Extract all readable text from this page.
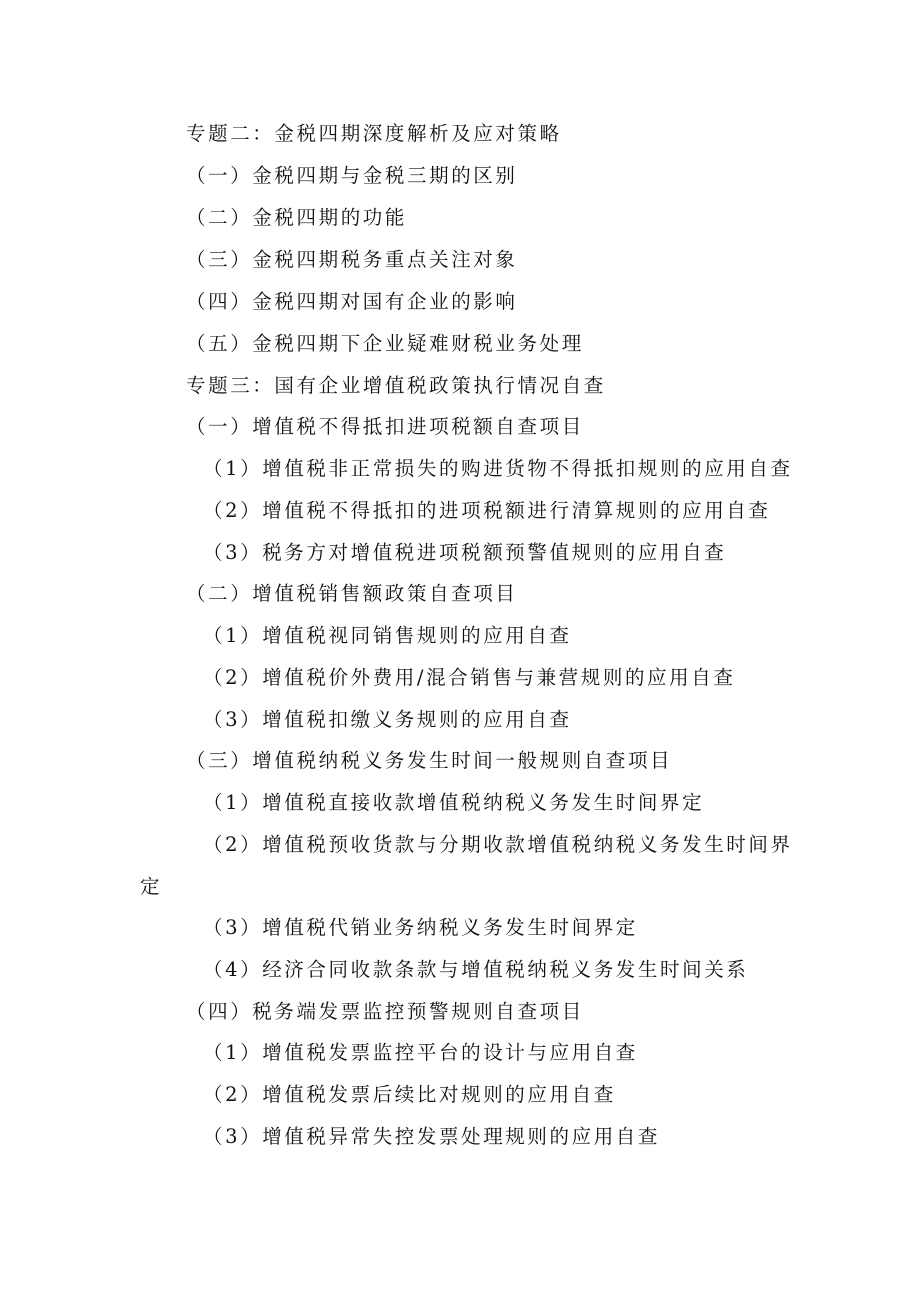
专题二：金税四期深度解析及应对策略
（一）金税四期与金税三期的区别
（二）金税四期的功能
（三）金税四期税务重点关注对象
（四）金税四期对国有企业的影响
（五）金税四期下企业疑难财税业务处理
专题三：国有企业增值税政策执行情况自查
（一）增值税不得抵扣进项税额自查项目
（1）增值税非正常损失的购进货物不得抵扣规则的应用自查
（2）增值税不得抵扣的进项税额进行清算规则的应用自查
（3）税务方对增值税进项税额预警值规则的应用自查
（二）增值税销售额政策自查项目
（1）增值税视同销售规则的应用自查
（2）增值税价外费用/混合销售与兼营规则的应用自查
（3）增值税扣缴义务规则的应用自查
（三）增值税纳税义务发生时间一般规则自查项目
（1）增值税直接收款增值税纳税义务发生时间界定
（2）增值税预收货款与分期收款增值税纳税义务发生时间界
定
（3）增值税代销业务纳税义务发生时间界定
（4）经济合同收款条款与增值税纳税义务发生时间关系
（四）税务端发票监控预警规则自查项目
（1）增值税发票监控平台的设计与应用自查
（2）增值税发票后续比对规则的应用自查
（3）增值税异常失控发票处理规则的应用自查
